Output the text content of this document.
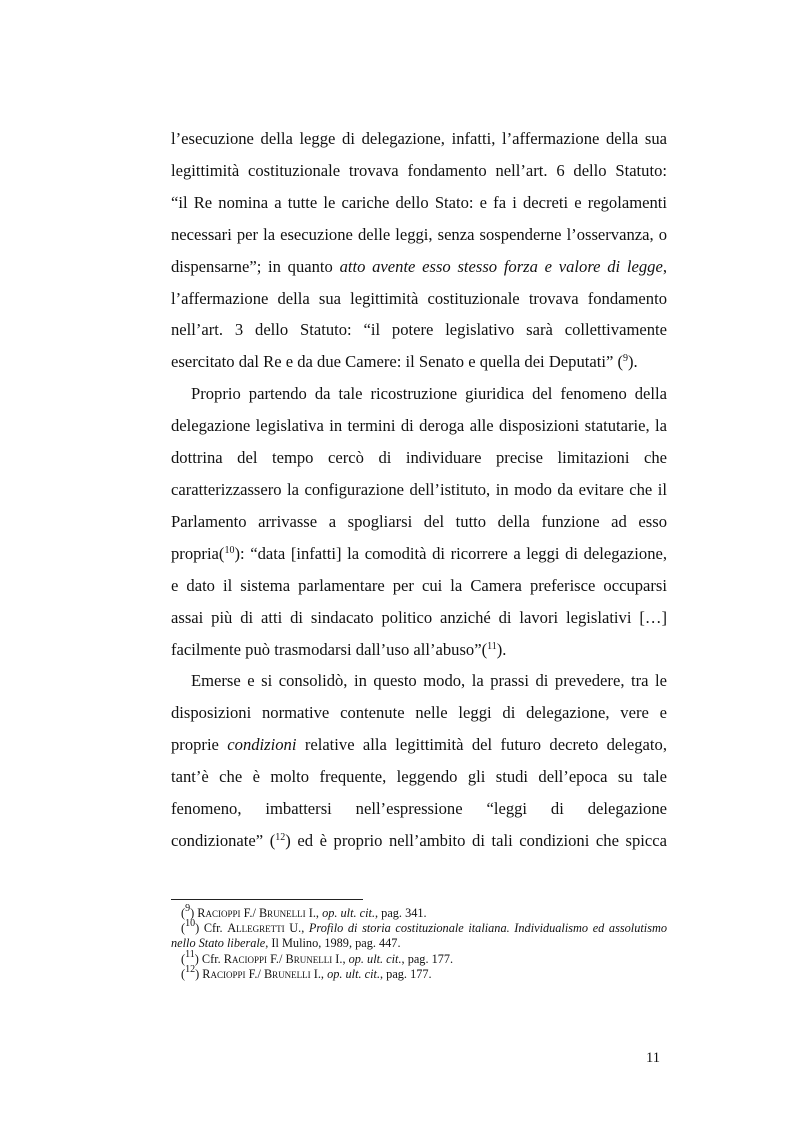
l’esecuzione della legge di delegazione, infatti, l’affermazione della sua
legittimità costituzionale trovava fondamento nell’art. 6 dello Statuto:
“il Re nomina a tutte le cariche dello Stato: e fa i decreti e regolamenti
necessari per la esecuzione delle leggi, senza sospenderne l’osservanza, o
dispensarne”; in quanto atto avente esso stesso forza e valore di legge,
l’affermazione della sua legittimità costituzionale trovava fondamento
nell’art. 3 dello Statuto: “il potere legislativo sarà collettivamente

esercitato dal Re e da due Camere: il Senato e quella dei Deputati” ($^9$).

Proprio partendo da tale ricostruzione giuridica del fenomeno della
delegazione legislativa in termini di deroga alle disposizioni statutarie, la
dottrina del tempo cercò di individuare precise limitazioni che
caratterizzassero la configurazione dell’istituto, in modo da evitare che il
Parlamento arrivasse a spogliarsi del tutto della funzione ad esso
propria($^{10}$): “data [infatti] la comodità di ricorrere a leggi di delegazione,
e dato il sistema parlamentare per cui la Camera preferisce occuparsi
assai più di atti di sindacato politico anziché di lavori legislativi […]

facilmente può trasmodarsi dall’uso all’abuso”($^{11}$).

Emerse e si consolidò, in questo modo, la prassi di prevedere, tra le
disposizioni normative contenute nelle leggi di delegazione, vere e
proprie condizioni relative alla legittimità del futuro decreto delegato,
tant’è che è molto frequente, leggendo gli studi dell’epoca su tale
fenomeno, imbattersi nell’espressione “leggi di delegazione
condizionate” ($^{12}$) ed è proprio nell’ambito di tali condizioni che spicca

($^9$) Racioppi F./ Brunelli I., op. ult. cit., pag. 341.

($^{10}$) Cfr. Allegretti U., Profilo di storia costituzionale italiana. Individualismo ed assolutismo nello Stato liberale, Il Mulino, 1989, pag. 447.

($^{11}$) Cfr. Racioppi F./ Brunelli I., op. ult. cit., pag. 177.

($^{12}$) Racioppi F./ Brunelli I., op. ult. cit., pag. 177.

11
